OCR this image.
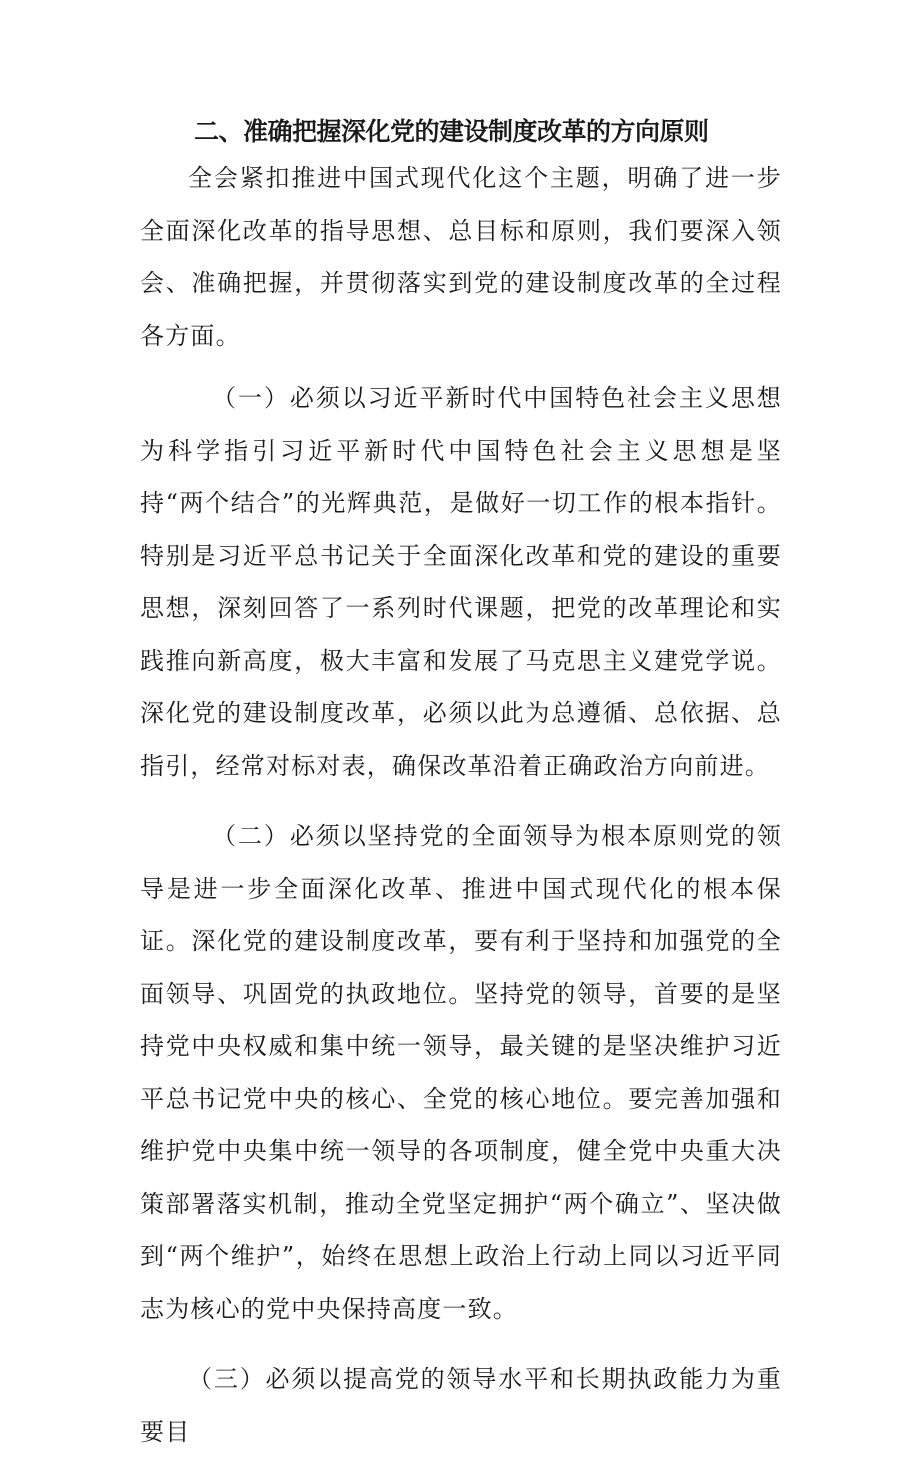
二、准确把握深化党的建设制度改革的方向原则

全会紧扣推进中国式现代化这个主题，明确了进一步全面深化改革的指导思想、总目标和原则，我们要深入领会、准确把握，并贯彻落实到党的建设制度改革的全过程各方面。

（一）必须以习近平新时代中国特色社会主义思想为科学指引习近平新时代中国特色社会主义思想是坚持“两个结合”的光辉典范，是做好一切工作的根本指针。特别是习近平总书记关于全面深化改革和党的建设的重要思想，深刻回答了一系列时代课题，把党的改革理论和实践推向新高度，极大丰富和发展了马克思主义建党学说。深化党的建设制度改革，必须以此为总遵循、总依据、总指引，经常对标对表，确保改革沿着正确政治方向前进。

（二）必须以坚持党的全面领导为根本原则党的领导是进一步全面深化改革、推进中国式现代化的根本保证。深化党的建设制度改革，要有利于坚持和加强党的全面领导、巩固党的执政地位。坚持党的领导，首要的是坚持党中央权威和集中统一领导，最关键的是坚决维护习近平总书记党中央的核心、全党的核心地位。要完善加强和维护党中央集中统一领导的各项制度，健全党中央重大决策部署落实机制，推动全党坚定拥护“两个确立”、坚决做到“两个维护”，始终在思想上政治上行动上同以习近平同志为核心的党中央保持高度一致。

（三）必须以提高党的领导水平和长期执政能力为重要目
